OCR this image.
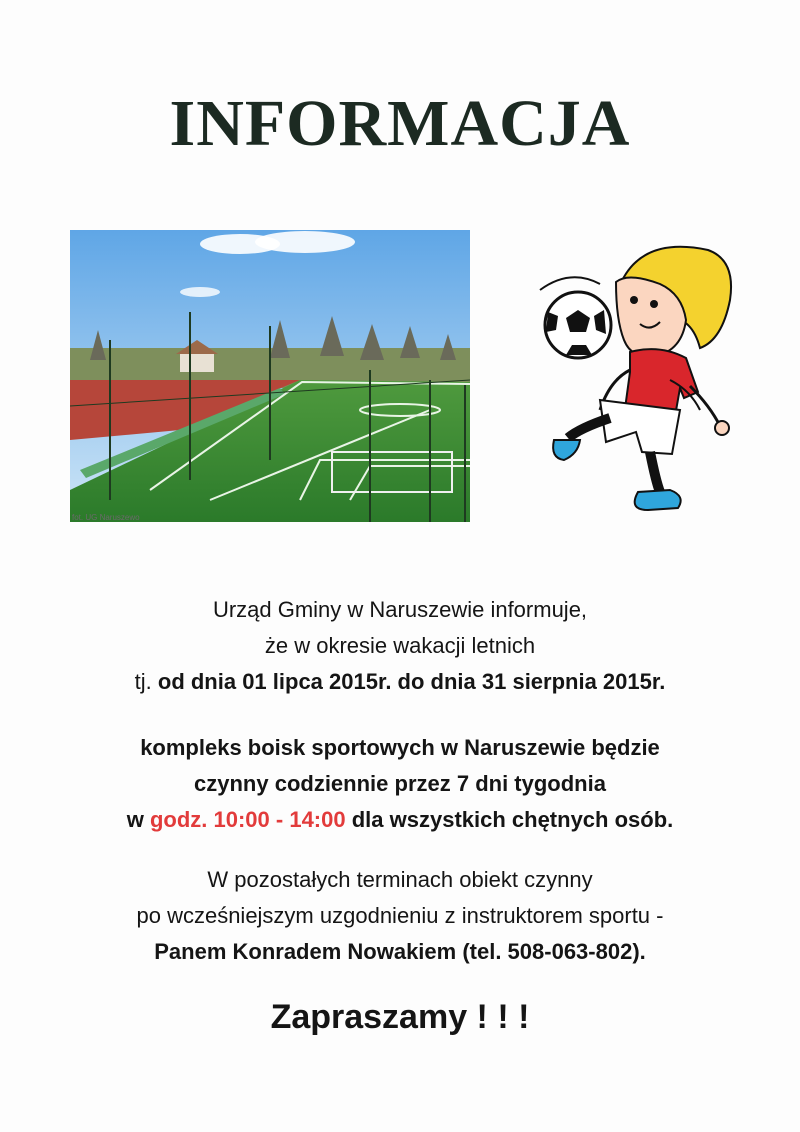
INFORMACJA
fot. UG Naruszewo
Urząd Gminy w Naruszewie informuje,
że w okresie wakacji letnich
tj. od dnia 01 lipca 2015r. do dnia 31 sierpnia 2015r.
kompleks boisk sportowych w Naruszewie będzie
czynny codziennie przez 7 dni tygodnia
w godz. 10:00 - 14:00 dla wszystkich chętnych osób.
W pozostałych terminach obiekt czynny
po wcześniejszym uzgodnieniu z instruktorem sportu -
Panem Konradem Nowakiem (tel. 508-063-802).
Zapraszamy ! ! !
